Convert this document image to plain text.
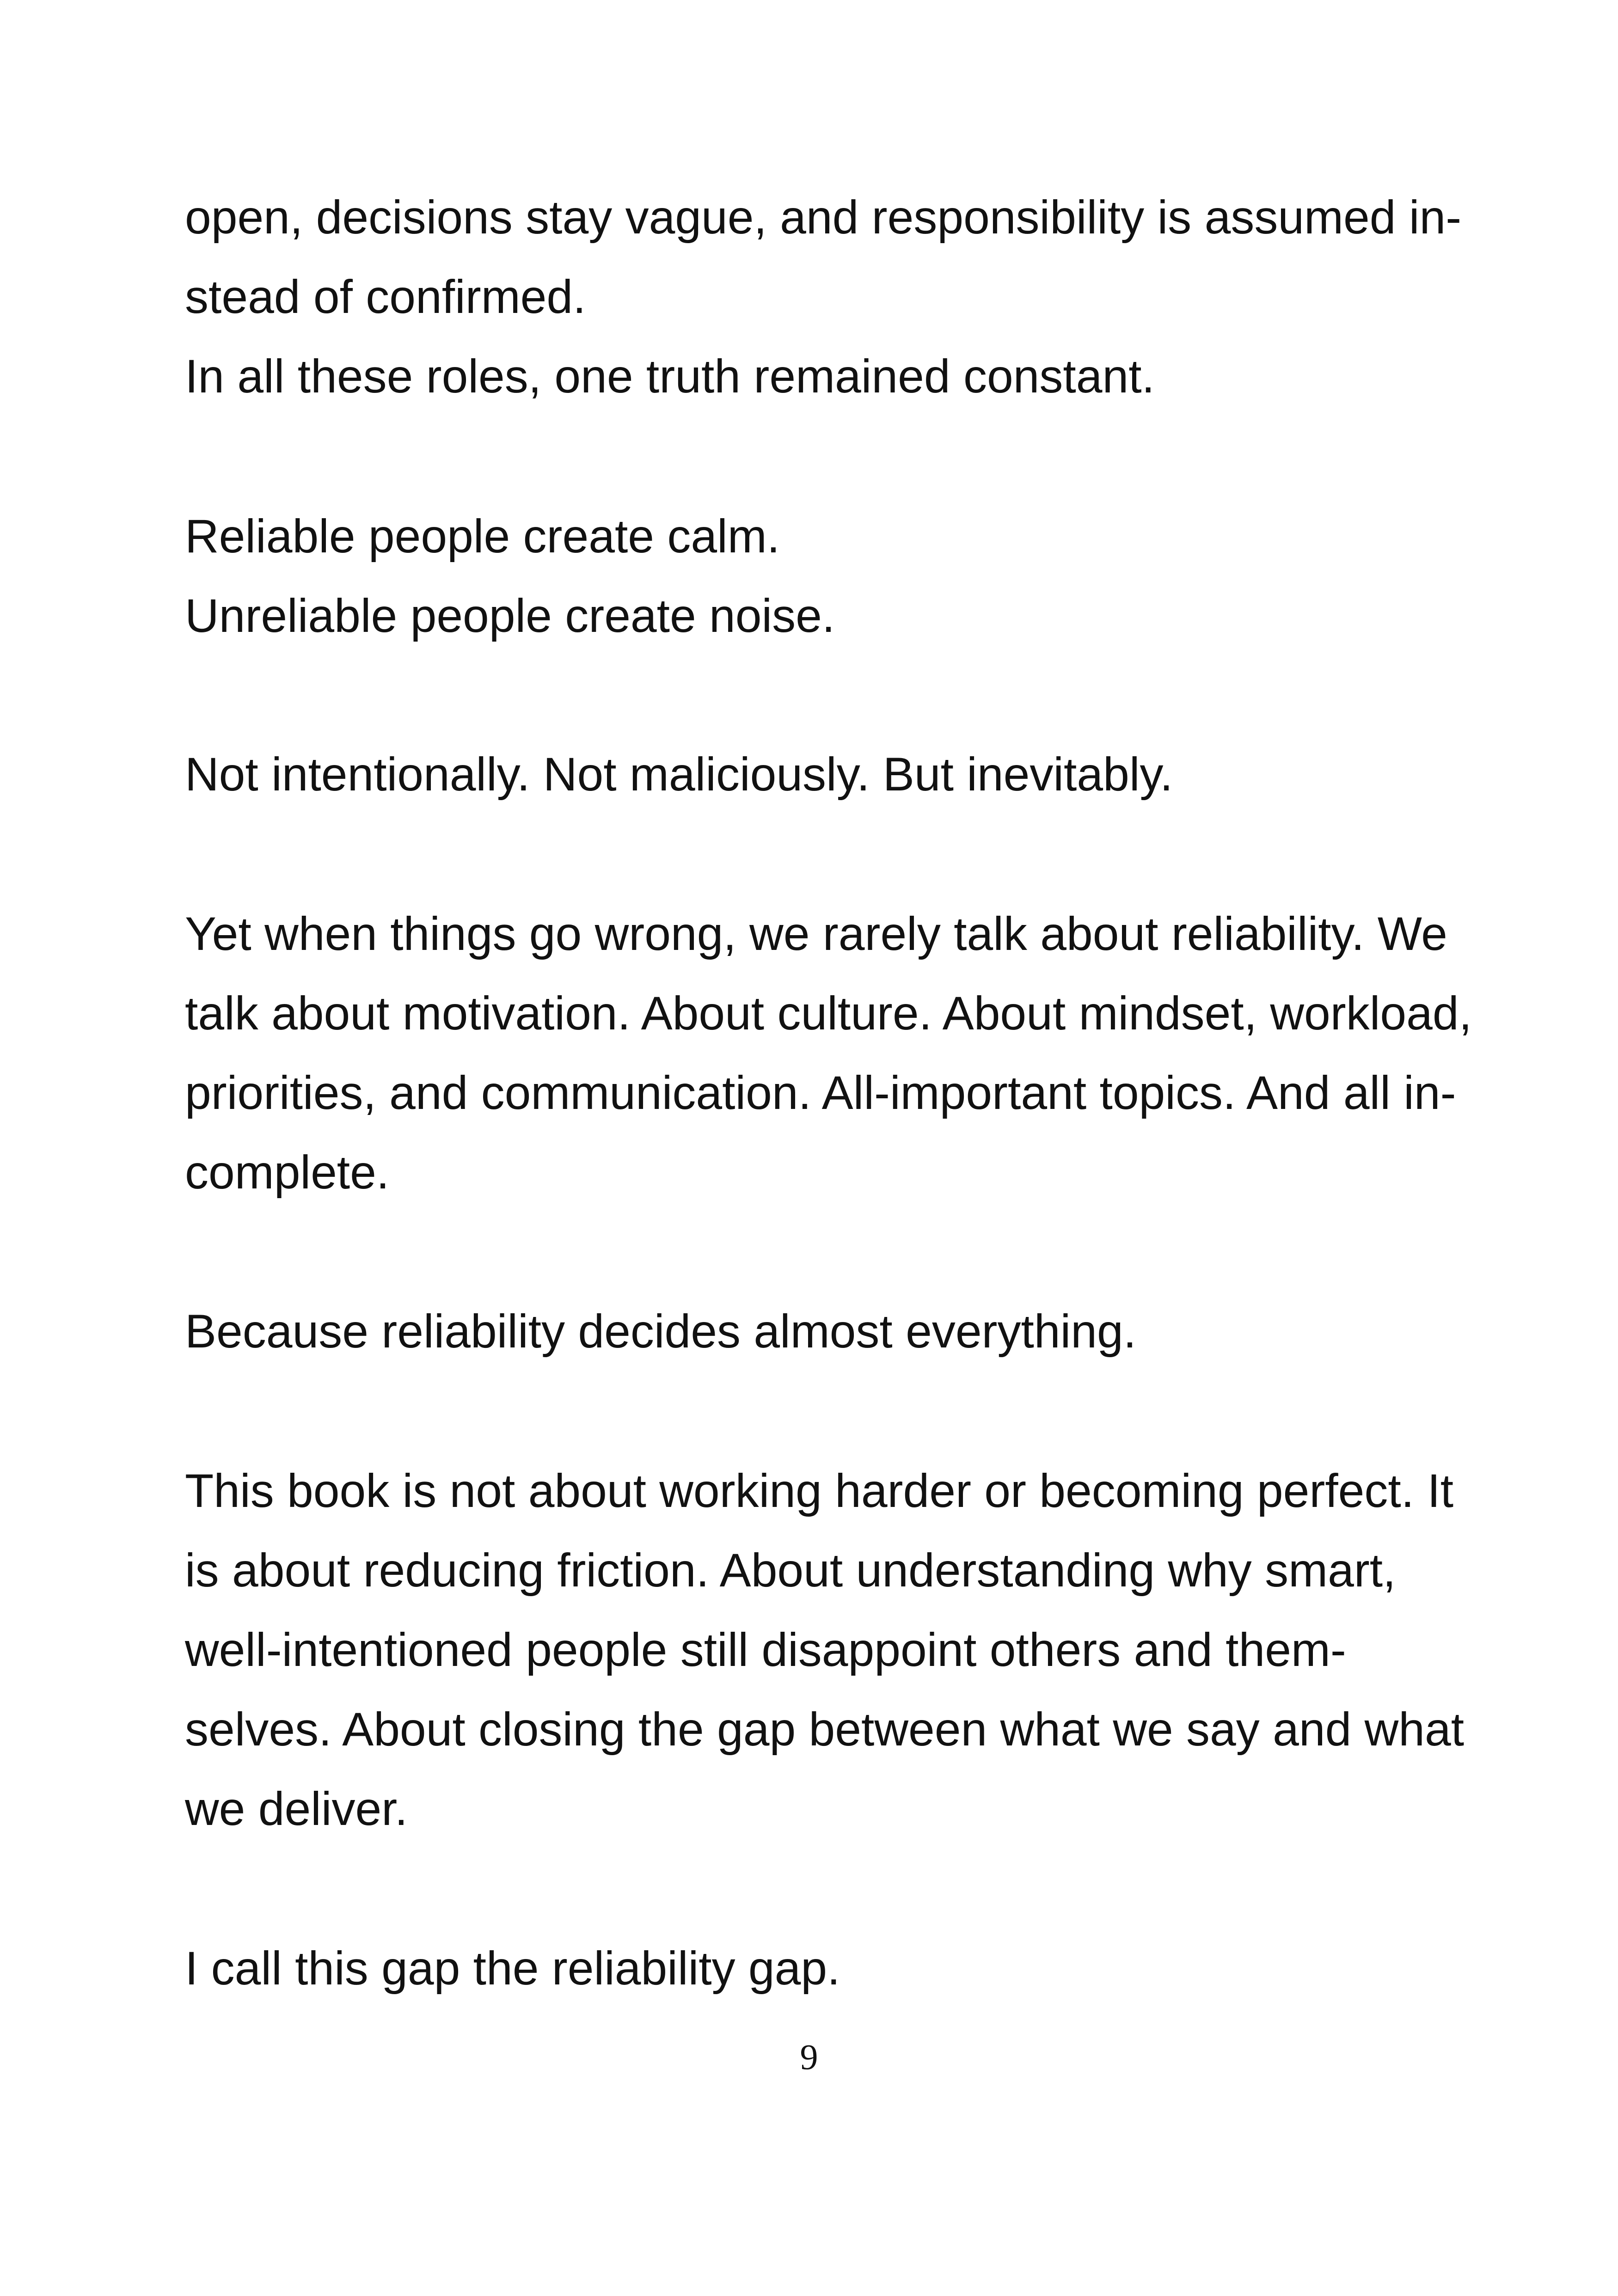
open, decisions stay vague, and responsibility is assumed in-

stead of confirmed.

In all these roles, one truth remained constant.

Reliable people create calm.

Unreliable people create noise.

Not intentionally. Not maliciously. But inevitably.

Yet when things go wrong, we rarely talk about reliability. We

talk about motivation. About culture. About mindset, workload,

priorities, and communication. All-important topics. And all in-

complete.

Because reliability decides almost everything.

This book is not about working harder or becoming perfect. It

is about reducing friction. About understanding why smart,

well-intentioned people still disappoint others and them-

selves. About closing the gap between what we say and what

we deliver.

I call this gap the reliability gap.

9
